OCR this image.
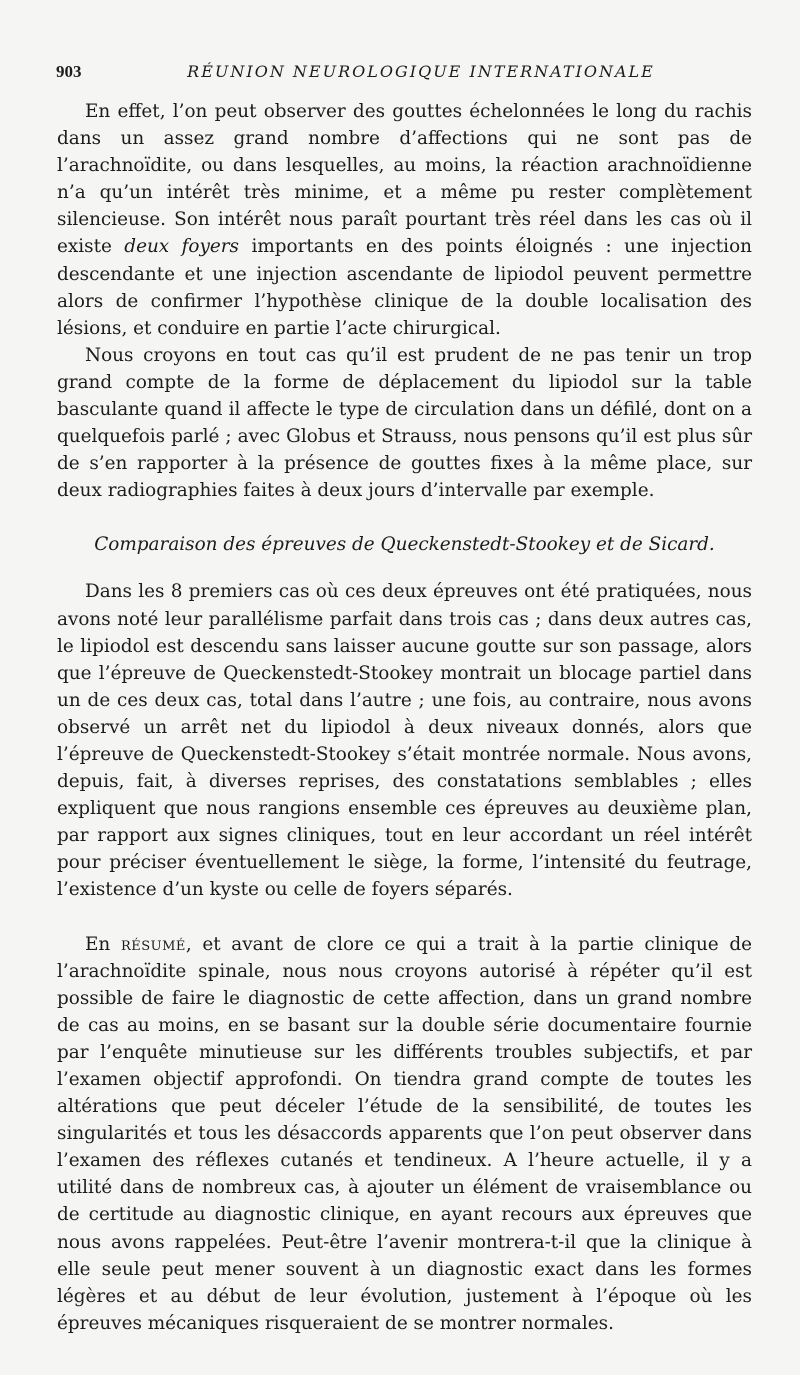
903	RÉUNION NEUROLOGIQUE INTERNATIONALE

En effet, l’on peut observer des gouttes échelonnées le long du rachis dans un assez grand nombre d’affections qui ne sont pas de l’arachnoïdite, ou dans lesquelles, au moins, la réaction arachnoïdienne n’a qu’un intérêt très minime, et a même pu rester complètement silencieuse. Son intérêt nous paraît pourtant très réel dans les cas où il existe deux foyers importants en des points éloignés : une injection descendante et une injection ascendante de lipiodol peuvent permettre alors de confirmer l’hypothèse clinique de la double localisation des lésions, et conduire en partie l’acte chirurgical.

Nous croyons en tout cas qu’il est prudent de ne pas tenir un trop grand compte de la forme de déplacement du lipiodol sur la table basculante quand il affecte le type de circulation dans un défilé, dont on a quelquefois parlé ; avec Globus et Strauss, nous pensons qu’il est plus sûr de s’en rapporter à la présence de gouttes fixes à la même place, sur deux radiographies faites à deux jours d’intervalle par exemple.

Comparaison des épreuves de Queckenstedt-Stookey et de Sicard.

Dans les 8 premiers cas où ces deux épreuves ont été pratiquées, nous avons noté leur parallélisme parfait dans trois cas ; dans deux autres cas, le lipiodol est descendu sans laisser aucune goutte sur son passage, alors que l’épreuve de Queckenstedt-Stookey montrait un blocage partiel dans un de ces deux cas, total dans l’autre ; une fois, au contraire, nous avons observé un arrêt net du lipiodol à deux niveaux donnés, alors que l’épreuve de Queckenstedt-Stookey s’était montrée normale. Nous avons, depuis, fait, à diverses reprises, des constatations semblables ; elles expliquent que nous rangions ensemble ces épreuves au deuxième plan, par rapport aux signes cliniques, tout en leur accordant un réel intérêt pour préciser éventuellement le siège, la forme, l’intensité du feutrage, l’existence d’un kyste ou celle de foyers séparés.

En résumé, et avant de clore ce qui a trait à la partie clinique de l’arachnoïdite spinale, nous nous croyons autorisé à répéter qu’il est possible de faire le diagnostic de cette affection, dans un grand nombre de cas au moins, en se basant sur la double série documentaire fournie par l’enquête minutieuse sur les différents troubles subjectifs, et par l’examen objectif approfondi. On tiendra grand compte de toutes les altérations que peut déceler l’étude de la sensibilité, de toutes les singularités et tous les désaccords apparents que l’on peut observer dans l’examen des réflexes cutanés et tendineux. A l’heure actuelle, il y a utilité dans de nombreux cas, à ajouter un élément de vraisemblance ou de certitude au diagnostic clinique, en ayant recours aux épreuves que nous avons rappelées. Peut-être l’avenir montrera-t-il que la clinique à elle seule peut mener souvent à un diagnostic exact dans les formes légères et au début de leur évolution, justement à l’époque où les épreuves mécaniques risqueraient de se montrer normales.
